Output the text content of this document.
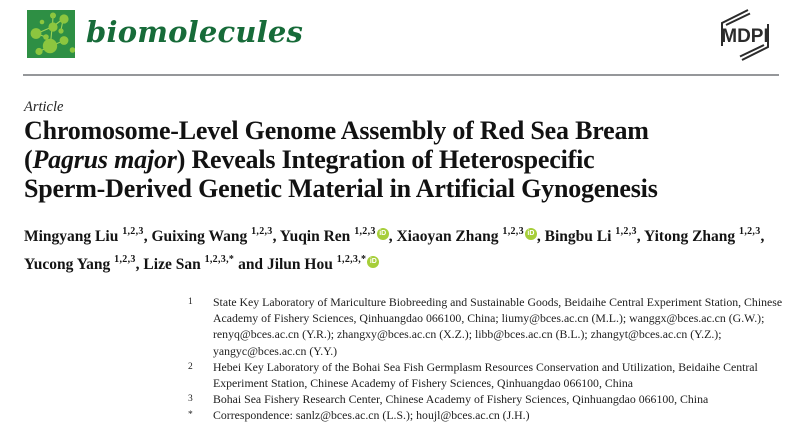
biomolecules	MDPI
Article
Chromosome-Level Genome Assembly of Red Sea Bream
(Pagrus major) Reveals Integration of Heterospecific
Sperm-Derived Genetic Material in Artificial Gynogenesis
Mingyang Liu $^{1,2,3}$, Guixing Wang $^{1,2,3}$, Yuqin Ren $^{1,2,3}$ iD , Xiaoyan Zhang $^{1,2,3}$ iD , Bingbu Li $^{1,2,3}$, Yitong Zhang $^{1,2,3}$,
Yucong Yang $^{1,2,3}$, Lize San $^{1,2,3,*}$ and Jilun Hou $^{1,2,3,*}$ iD
1	State Key Laboratory of Mariculture Biobreeding and Sustainable Goods, Beidaihe Central Experiment Station, Chinese Academy of Fishery Sciences, Qinhuangdao 066100, China; liumy@bces.ac.cn (M.L.); wanggx@bces.ac.cn (G.W.); renyq@bces.ac.cn (Y.R.); zhangxy@bces.ac.cn (X.Z.); libb@bces.ac.cn (B.L.); zhangyt@bces.ac.cn (Y.Z.); yangyc@bces.ac.cn (Y.Y.)
2	Hebei Key Laboratory of the Bohai Sea Fish Germplasm Resources Conservation and Utilization, Beidaihe Central Experiment Station, Chinese Academy of Fishery Sciences, Qinhuangdao 066100, China
3	Bohai Sea Fishery Research Center, Chinese Academy of Fishery Sciences, Qinhuangdao 066100, China
*	Correspondence: sanlz@bces.ac.cn (L.S.); houjl@bces.ac.cn (J.H.)
